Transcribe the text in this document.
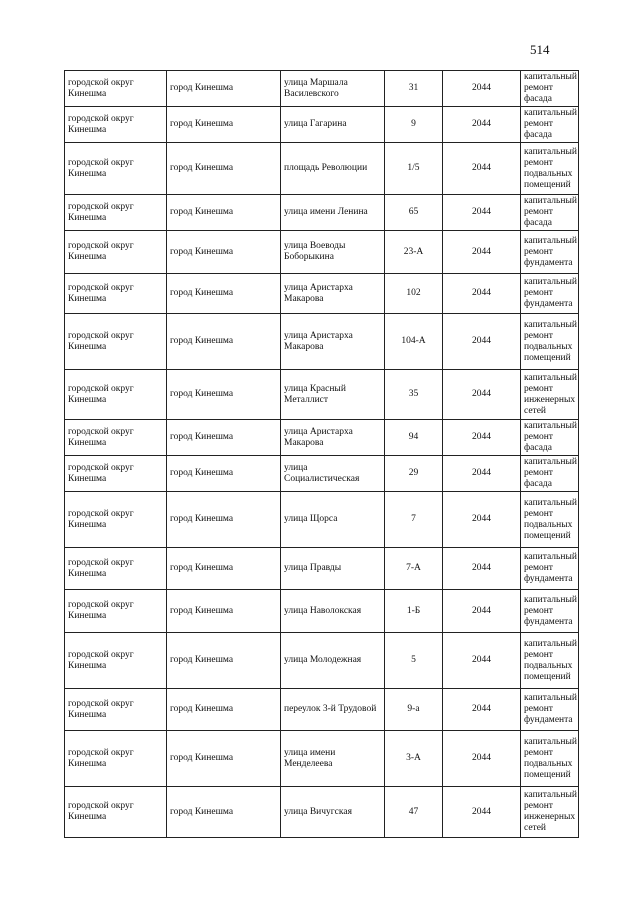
514
городской округ Кинешма	город Кинешма	улица Маршала Василевского	31	2044	капитальный ремонт фасада
городской округ Кинешма	город Кинешма	улица Гагарина	9	2044	капитальный ремонт фасада
городской округ Кинешма	город Кинешма	площадь Революции	1/5	2044	капитальный ремонт подвальных помещений
городской округ Кинешма	город Кинешма	улица имени Ленина	65	2044	капитальный ремонт фасада
городской округ Кинешма	город Кинешма	улица Воеводы Боборыкина	23-А	2044	капитальный ремонт фундамента
городской округ Кинешма	город Кинешма	улица Аристарха Макарова	102	2044	капитальный ремонт фундамента
городской округ Кинешма	город Кинешма	улица Аристарха Макарова	104-А	2044	капитальный ремонт подвальных помещений
городской округ Кинешма	город Кинешма	улица Красный Металлист	35	2044	капитальный ремонт инженерных сетей
городской округ Кинешма	город Кинешма	улица Аристарха Макарова	94	2044	капитальный ремонт фасада
городской округ Кинешма	город Кинешма	улица Социалистическая	29	2044	капитальный ремонт фасада
городской округ Кинешма	город Кинешма	улица Щорса	7	2044	капитальный ремонт подвальных помещений
городской округ Кинешма	город Кинешма	улица Правды	7-А	2044	капитальный ремонт фундамента
городской округ Кинешма	город Кинешма	улица Наволокская	1-Б	2044	капитальный ремонт фундамента
городской округ Кинешма	город Кинешма	улица Молодежная	5	2044	капитальный ремонт подвальных помещений
городской округ Кинешма	город Кинешма	переулок 3-й Трудовой	9-а	2044	капитальный ремонт фундамента
городской округ Кинешма	город Кинешма	улица имени Менделеева	3-А	2044	капитальный ремонт подвальных помещений
городской округ Кинешма	город Кинешма	улица Вичугская	47	2044	капитальный ремонт инженерных сетей
